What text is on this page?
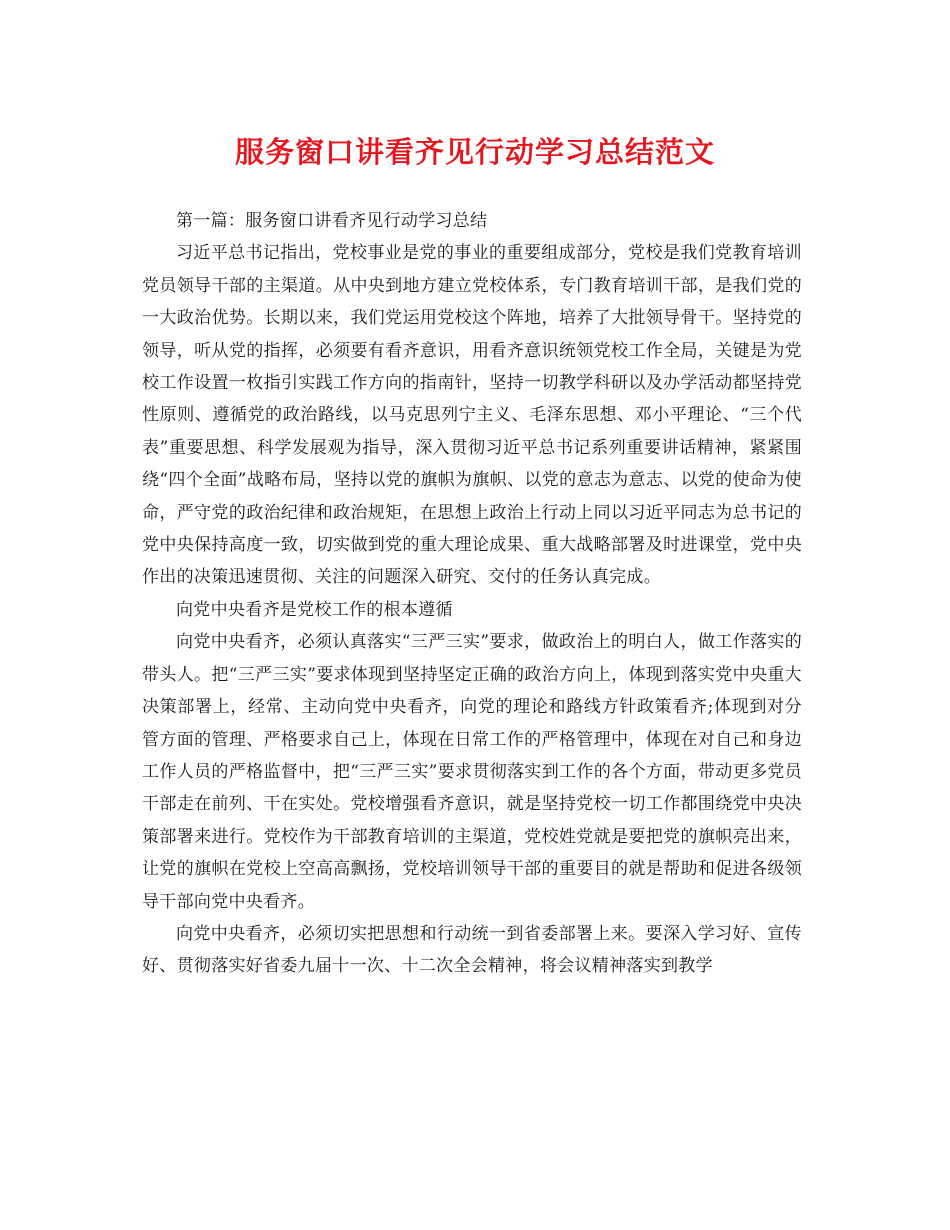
服务窗口讲看齐见行动学习总结范文

第一篇：服务窗口讲看齐见行动学习总结

习近平总书记指出，党校事业是党的事业的重要组成部分，党校是我们党教育培训党员领导干部的主渠道。从中央到地方建立党校体系，专门教育培训干部，是我们党的一大政治优势。长期以来，我们党运用党校这个阵地，培养了大批领导骨干。坚持党的领导，听从党的指挥，必须要有看齐意识，用看齐意识统领党校工作全局，关键是为党校工作设置一枚指引实践工作方向的指南针，坚持一切教学科研以及办学活动都坚持党性原则、遵循党的政治路线，以马克思列宁主义、毛泽东思想、邓小平理论、“三个代表”重要思想、科学发展观为指导，深入贯彻习近平总书记系列重要讲话精神，紧紧围绕“四个全面”战略布局，坚持以党的旗帜为旗帜、以党的意志为意志、以党的使命为使命，严守党的政治纪律和政治规矩，在思想上政治上行动上同以习近平同志为总书记的党中央保持高度一致，切实做到党的重大理论成果、重大战略部署及时进课堂，党中央作出的决策迅速贯彻、关注的问题深入研究、交付的任务认真完成。

向党中央看齐是党校工作的根本遵循

向党中央看齐，必须认真落实“三严三实”要求，做政治上的明白人，做工作落实的带头人。把“三严三实”要求体现到坚持坚定正确的政治方向上，体现到落实党中央重大决策部署上，经常、主动向党中央看齐，向党的理论和路线方针政策看齐;体现到对分管方面的管理、严格要求自己上，体现在日常工作的严格管理中，体现在对自己和身边工作人员的严格监督中，把“三严三实”要求贯彻落实到工作的各个方面，带动更多党员干部走在前列、干在实处。党校增强看齐意识，就是坚持党校一切工作都围绕党中央决策部署来进行。党校作为干部教育培训的主渠道，党校姓党就是要把党的旗帜亮出来，让党的旗帜在党校上空高高飘扬，党校培训领导干部的重要目的就是帮助和促进各级领导干部向党中央看齐。

向党中央看齐，必须切实把思想和行动统一到省委部署上来。要深入学习好、宣传好、贯彻落实好省委九届十一次、十二次全会精神，将会议精神落实到教学
